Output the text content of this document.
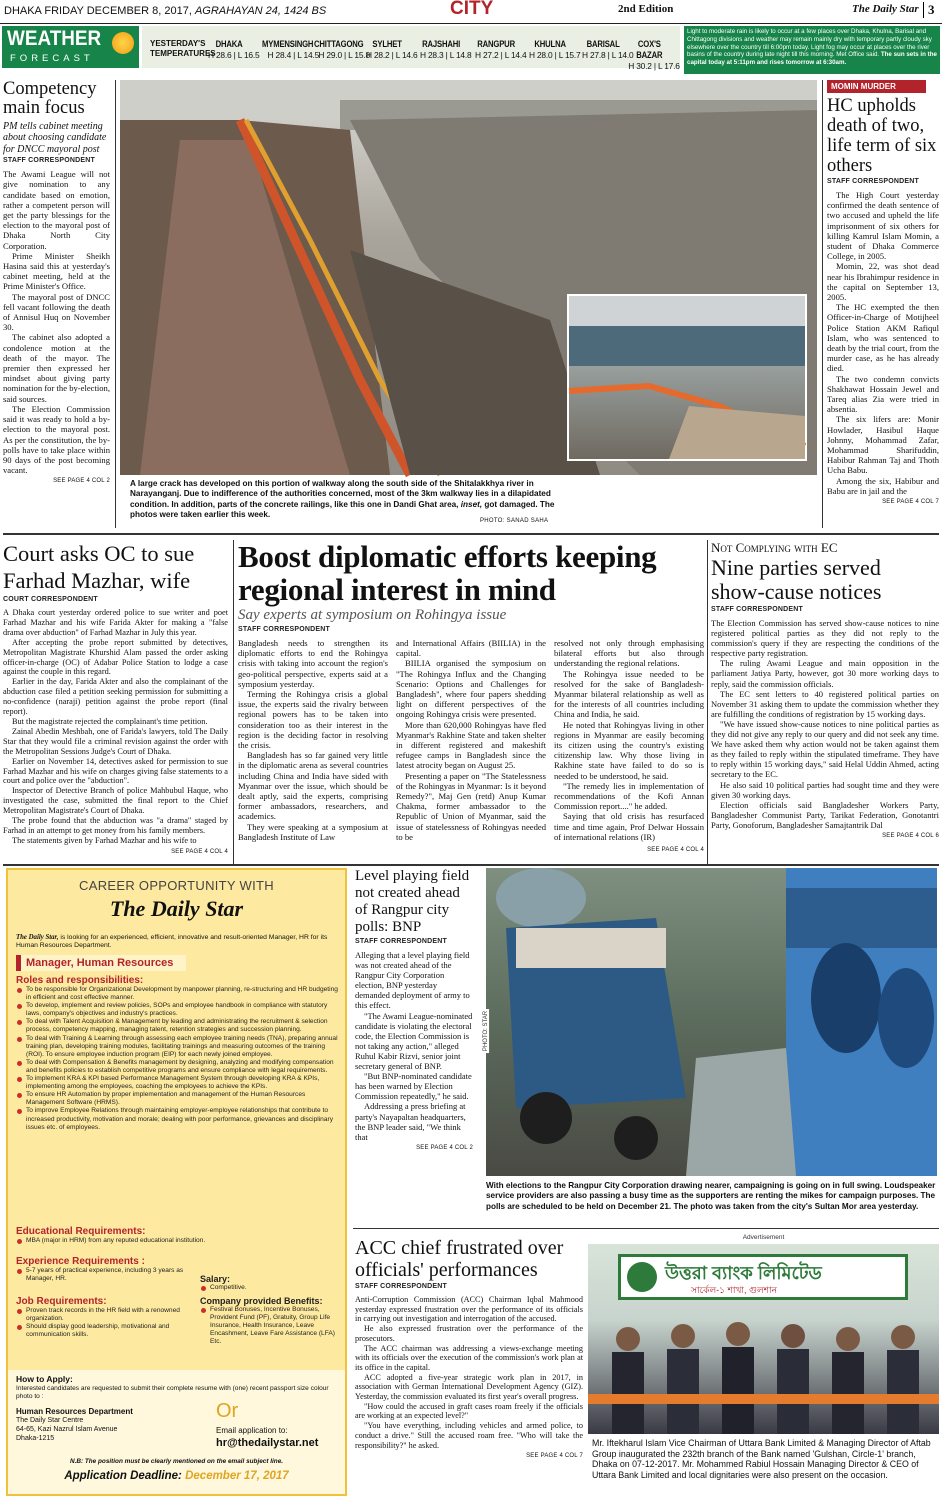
DHAKA FRIDAY DECEMBER 8, 2017, AGRAHAYAN 24, 1424 BS	CITY	2nd Edition	The Daily Star 3
WEATHER
FORECAST
YESTERDAY'S
TEMPERATURES
DHAKA
H 28.6 | L 16.5
MYMENSINGH
H 28.4 | L 14.5
CHITTAGONG
H 29.0 | L 15.8
SYLHET
H 28.2 | L 14.6
RAJSHAHI
H 28.3 | L 14.8
RANGPUR
H 27.2 | L 14.4
KHULNA
H 28.0 | L 15.7
BARISAL
H 27.8 | L 14.0
COX'S BAZAR
H 30.2 | L 17.6
Light to moderate rain is likely to occur at a few places over Dhaka, Khulna, Barisal and Chittagong divisions and weather may remain mainly dry with temporary partly cloudy sky elsewhere over the country till 6:00pm today. Light fog may occur at places over the river basins of the country during late night till this morning. Met Office said. The sun sets in the capital today at 5:11pm and rises tomorrow at 6:30am.
Competency main focus
PM tells cabinet meeting about choosing candidate for DNCC mayoral post
STAFF CORRESPONDENT

The Awami League will not give nomination to any candidate based on emotion, rather a competent person will get the party blessings for the election to the mayoral post of Dhaka North City Corporation.

Prime Minister Sheikh Hasina said this at yesterday's cabinet meeting, held at the Prime Minister's Office.

The mayoral post of DNCC fell vacant following the death of Annisul Huq on November 30.

The cabinet also adopted a condolence motion at the death of the mayor. The premier then expressed her mindset about giving party nomination for the by-election, said sources.

The Election Commission said it was ready to hold a by-election to the mayoral post. As per the constitution, the by-polls have to take place within 90 days of the post becoming vacant.

SEE PAGE 4 COL 2 A large crack has developed on this portion of walkway along the south side of the Shitalakkhya river in Narayanganj. Due to indifference of the authorities concerned, most of the 3km walkway lies in a dilapidated condition. In addition, parts of the concrete railings, like this one in Dandi Ghat area, inset, got damaged. The photos were taken earlier this week.
PHOTO: SANAD SAHA
MOMIN MURDER
HC upholds death of two, life term of six others
STAFF CORRESPONDENT

The High Court yesterday confirmed the death sentence of two accused and upheld the life imprisonment of six others for killing Kamrul Islam Momin, a student of Dhaka Commerce College, in 2005.

Momin, 22, was shot dead near his Ibrahimpur residence in the capital on September 13, 2005.

The HC exempted the then Officer-in-Charge of Motijheel Police Station AKM Rafiqul Islam, who was sentenced to death by the trial court, from the murder case, as he has already died.

The two condemn convicts Shakhawat Hossain Jewel and Tareq alias Zia were tried in absentia.

The six lifers are: Monir Howlader, Hasibul Haque Johnny, Mohammad Zafar, Mohammad Sharifuddin, Habibur Rahman Taj and Thoth Ucha Babu.

Among the six, Habibur and Babu are in jail and the

SEE PAGE 4 COL 7
Court asks OC to sue Farhad Mazhar, wife
COURT CORRESPONDENT

A Dhaka court yesterday ordered police to sue writer and poet Farhad Mazhar and his wife Farida Akter for making a "false drama over abduction" of Farhad Mazhar in July this year.

After accepting the probe report submitted by detectives, Metropolitan Magistrate Khurshid Alam passed the order asking officer-in-charge (OC) of Adabar Police Station to lodge a case against the couple in this regard.

Earlier in the day, Farida Akter and also the complainant of the abduction case filed a petition seeking permission for submitting a no-confidence (naraji) petition against the probe report (final report).

But the magistrate rejected the complainant's time petition.

Zainal Abedin Meshbah, one of Farida's lawyers, told The Daily Star that they would file a criminal revision against the order with the Metropolitan Sessions Judge's Court of Dhaka.

Earlier on November 14, detectives asked for permission to sue Farhad Mazhar and his wife on charges giving false statements to a court and police over the "abduction".

Inspector of Detective Branch of police Mahbubul Haque, who investigated the case, submitted the final report to the Chief Metropolitan Magistrate's Court of Dhaka.

The probe found that the abduction was "a drama" staged by Farhad in an attempt to get money from his family members.

The statements given by Farhad Mazhar and his wife to

SEE PAGE 4 COL 4
Boost diplomatic efforts keeping regional interest in mind
Say experts at symposium on Rohingya issue
STAFF CORRESPONDENT

Bangladesh needs to strengthen its diplomatic efforts to end the Rohingya crisis with taking into account the region's geo-political perspective, experts said at a symposium yesterday.

Terming the Rohingya crisis a global issue, the experts said the rivalry between regional powers has to be taken into consideration too as their interest in the region is the deciding factor in resolving the crisis.

Bangladesh has so far gained very little in the diplomatic arena as several countries including China and India have sided with Myanmar over the issue, which should be dealt aptly, said the experts, comprising former ambassadors, researchers, and academics.

They were speaking at a symposium at Bangladesh Institute of Law

and International Affairs (BIILIA) in the capital.

BIILIA organised the symposium on "The Rohingya Influx and the Changing Scenario: Options and Challenges for Bangladesh", where four papers shedding light on different perspectives of the ongoing Rohingya crisis were presented.

More than 620,000 Rohingyas have fled Myanmar's Rakhine State and taken shelter in different registered and makeshift refugee camps in Bangladesh since the latest atrocity began on August 25.

Presenting a paper on "The Statelessness of the Rohingyas in Myanmar: Is it beyond Remedy?", Maj Gen (retd) Anup Kumar Chakma, former ambassador to the Republic of Union of Myanmar, said the issue of statelessness of Rohingyas needed to be

resolved not only through emphasising bilateral efforts but also through understanding the regional relations.

The Rohingya issue needed to be resolved for the sake of Bangladesh-Myanmar bilateral relationship as well as for the interests of all countries including China and India, he said.

He noted that Rohingyas living in other regions in Myanmar are easily becoming its citizen using the country's existing citizenship law. Why those living in Rakhine state have failed to do so is needed to be understood, he said.

"The remedy lies in implementation of recommendations of the Kofi Annan Commission report...." he added.

Saying that old crisis has resurfaced time and time again, Prof Delwar Hossain of international relations (IR)

SEE PAGE 4 COL 4
Not Complying with EC
Nine parties served show-cause notices
STAFF CORRESPONDENT

The Election Commission has served show-cause notices to nine registered political parties as they did not reply to the commission's query if they are respecting the conditions of the respective party registration.

The ruling Awami League and main opposition in the parliament Jatiya Party, however, got 30 more working days to reply, said the commission officials.

The EC sent letters to 40 registered political parties on November 31 asking them to update the commission whether they are fulfilling the conditions of registration by 15 working days.

"We have issued show-cause notices to nine political parties as they did not give any reply to our query and did not seek any time. We have asked them why action would not be taken against them as they failed to reply within the stipulated timeframe. They have to reply within 15 working days," said Helal Uddin Ahmed, acting secretary to the EC.

He also said 10 political parties had sought time and they were given 30 working days.

Election officials said Bangladesher Workers Party, Bangladesher Communist Party, Tarikat Federation, Gonotantri Party, Gonoforum, Bangladesher Samajtantrik Dal

SEE PAGE 4 COL 6
CAREER OPPORTUNITY WITH
The Daily Star
The Daily Star, is looking for an experienced, efficient, innovative and result-oriented Manager, HR for its Human Resources Department.
Manager, Human Resources
Roles and responsibilities:
To be responsible for Organizational Development by manpower planning, re-structuring and HR budgeting in efficient and cost effective manner.
To develop, implement and review policies, SOPs and employee handbook in compliance with statutory laws, company's objectives and industry's practices.
To deal with Talent Acquisition & Management by leading and administrating the recruitment & selection process, competency mapping, managing talent, retention strategies and succession planning.
To deal with Training & Learning through assessing each employee training needs (TNA), preparing annual training plan, developing training modules, facilitating trainings and measuring outcomes of the training (ROI). To ensure employee induction program (EIP) for each newly joined employee.
To deal with Compensation & Benefits management by designing, analyzing and modifying compensation and benefits policies to establish competitive programs and ensure compliance with legal requirements.
To implement KRA & KPI based Performance Management System through developing KRA & KPIs, implementing among the employees, coaching the employees to achieve the KPIs.
To ensure HR Automation by proper implementation and management of the Human Resources Management Software (HRMS).
To improve Employee Relations through maintaining employer-employee relationships that contribute to increased productivity, motivation and morale; dealing with poor performance, grievances and disciplinary issues etc. of employees.
Educational Requirements:
MBA (major in HRM) from any reputed educational institution.
Experience Requirements :
5-7 years of practical experience, including 3 years as Manager, HR.
Job Requirements:
Proven track records in the HR field with a renowned organization.
Should display good leadership, motivational and communication skills.
Salary:
Competitive.
Company provided Benefits:
Festival Bonuses, Incentive Bonuses, Provident Fund (PF), Gratuity, Group Life Insurance, Health Insurance, Leave Encashment, Leave Fare Assistance (LFA) Etc.
How to Apply:
Interested candidates are requested to submit their complete resume with (one) recent passport size colour photo to :
Human Resources Department
The Daily Star Centre
64-65, Kazi Nazrul Islam Avenue
Dhaka-1215
Or
Email application to:
hr@thedailystar.net
N.B: The position must be clearly mentioned on the email subject line.
Application Deadline: December 17, 2017
Level playing field not created ahead of Rangpur city polls: BNP
STAFF CORRESPONDENT

Alleging that a level playing field was not created ahead of the Rangpur City Corporation election, BNP yesterday demanded deployment of army to this effect.

"The Awami League-nominated candidate is violating the electoral code, the Election Commission is not taking any action," alleged Ruhul Kabir Rizvi, senior joint secretary general of BNP.

"But BNP-nominated candidate has been warned by Election Commission repeatedly," he said.

Addressing a press briefing at party's Nayapaltan headquarters, the BNP leader said, "We think that

SEE PAGE 4 COL 2
PHOTO: STAR
With elections to the Rangpur City Corporation drawing nearer, campaigning is going on in full swing. Loudspeaker service providers are also passing a busy time as the supporters are renting the mikes for campaign purposes. The polls are scheduled to be held on December 21. The photo was taken from the city's Sultan Mor area yesterday.
ACC chief frustrated over officials' performances
STAFF CORRESPONDENT

Anti-Corruption Commission (ACC) Chairman Iqbal Mahmood yesterday expressed frustration over the performance of its officials in carrying out investigation and interrogation of the accused.

He also expressed frustration over the performance of the prosecutors.

The ACC chairman was addressing a views-exchange meeting with its officials over the execution of the commission's work plan at its office in the capital.

ACC adopted a five-year strategic work plan in 2017, in association with German International Development Agency (GIZ). Yesterday, the commission evaluated its first year's overall progress.

"How could the accused in graft cases roam freely if the officials are working at an expected level?"

"You have everything, including vehicles and armed police, to conduct a drive." Still the accused roam free. "Who will take the responsibility?" he asked.

SEE PAGE 4 COL 7
Advertisement
উত্তরা ব্যাংক লিমিটেড
সার্কেল-১ শাখা, গুলশান
Mr. Iftekharul Islam Vice Chairman of Uttara Bank Limited & Managing Director of Aftab Group inaugurated the 232th branch of the Bank named 'Gulshan, Circle-1' branch, Dhaka on 07-12-2017. Mr. Mohammed Rabiul Hossain Managing Director & CEO of Uttara Bank Limited and local dignitaries were also present on the occasion.
